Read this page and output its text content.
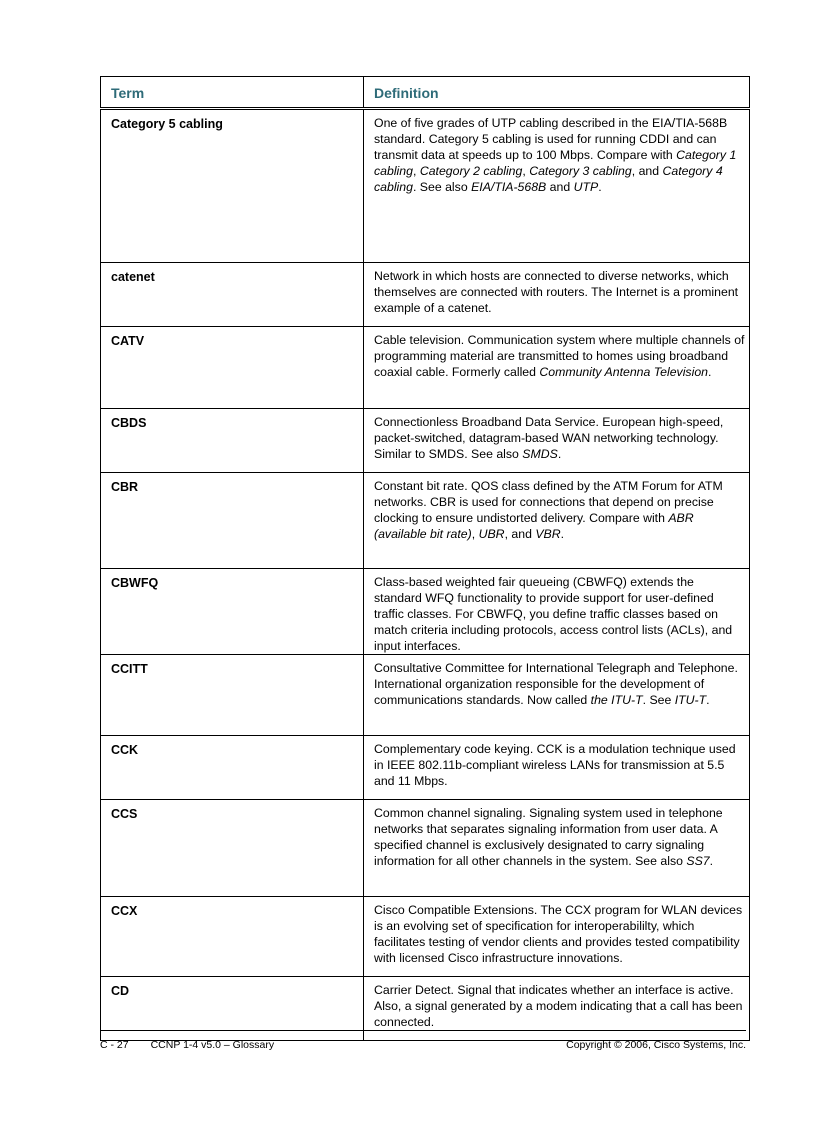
Term	Definition
Category 5 cabling	One of five grades of UTP cabling described in the EIA/TIA-568B standard. Category 5 cabling is used for running CDDI and can transmit data at speeds up to 100 Mbps. Compare with Category 1 cabling, Category 2 cabling, Category 3 cabling, and Category 4 cabling. See also EIA/TIA-568B and UTP.
catenet	Network in which hosts are connected to diverse networks, which themselves are connected with routers. The Internet is a prominent example of a catenet.
CATV	Cable television. Communication system where multiple channels of programming material are transmitted to homes using broadband coaxial cable. Formerly called Community Antenna Television.
CBDS	Connectionless Broadband Data Service. European high-speed, packet-switched, datagram-based WAN networking technology. Similar to SMDS. See also SMDS.
CBR	Constant bit rate. QOS class defined by the ATM Forum for ATM networks. CBR is used for connections that depend on precise clocking to ensure undistorted delivery. Compare with ABR (available bit rate), UBR, and VBR.
CBWFQ	Class-based weighted fair queueing (CBWFQ) extends the standard WFQ functionality to provide support for user-defined traffic classes. For CBWFQ, you define traffic classes based on match criteria including protocols, access control lists (ACLs), and input interfaces.
CCITT	Consultative Committee for International Telegraph and Telephone. International organization responsible for the development of communications standards. Now called the ITU-T. See ITU-T.
CCK	Complementary code keying. CCK is a modulation technique used in IEEE 802.11b-compliant wireless LANs for transmission at 5.5 and 11 Mbps.
CCS	Common channel signaling. Signaling system used in telephone networks that separates signaling information from user data. A specified channel is exclusively designated to carry signaling information for all other channels in the system. See also SS7.
CCX	Cisco Compatible Extensions. The CCX program for WLAN devices is an evolving set of specification for interoperabililty, which facilitates testing of vendor clients and provides tested compatibility with licensed Cisco infrastructure innovations.
CD	Carrier Detect. Signal that indicates whether an interface is active. Also, a signal generated by a modem indicating that a call has been connected.
C - 27 CCNP 1-4 v5.0 – Glossary	Copyright © 2006, Cisco Systems, Inc.
